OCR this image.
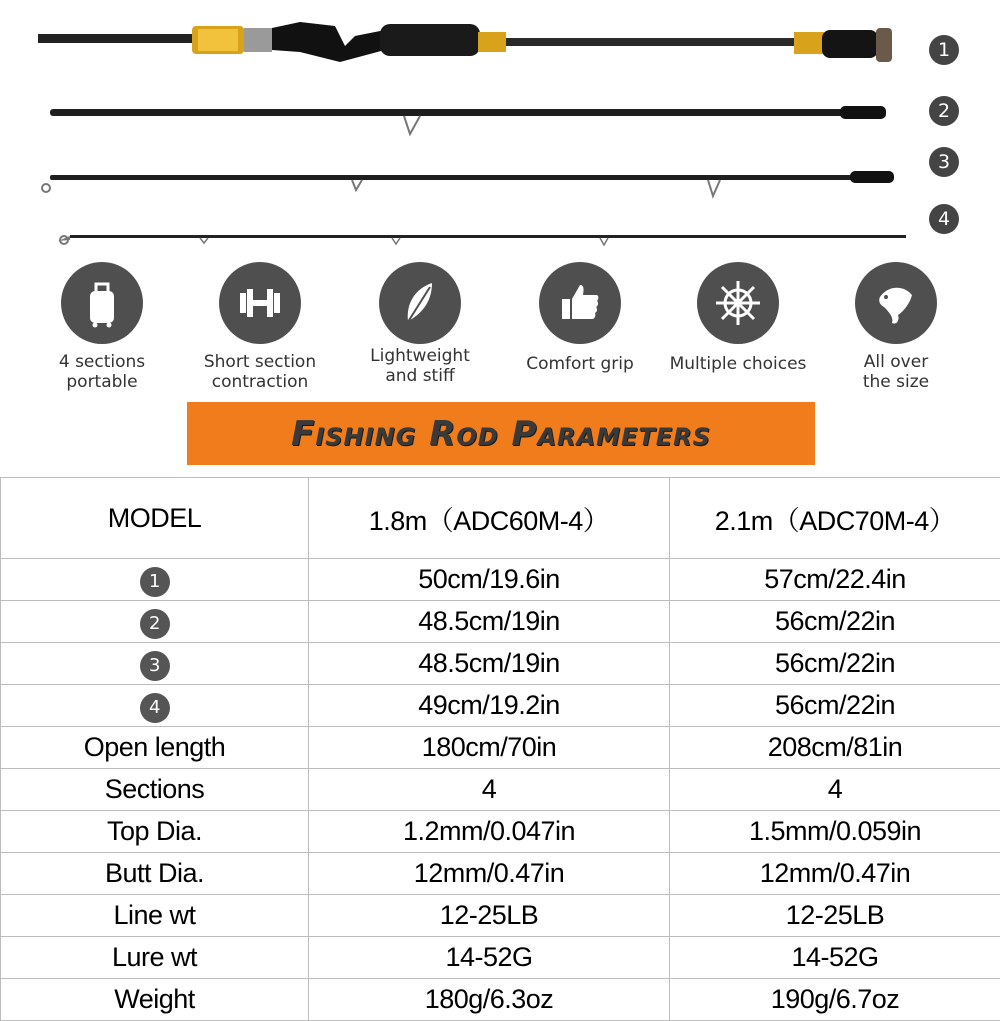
1
2
3
4
4 sections
portable
Short section
contraction
Lightweight
and stiff
Comfort grip	Multiple choices	All over
the size
Fishing Rod Parameters
MODEL	1.8m（ADC60M-4）	2.1m（ADC70M-4）
1	50cm/19.6in	57cm/22.4in
2	48.5cm/19in	56cm/22in
3	48.5cm/19in	56cm/22in
4	49cm/19.2in	56cm/22in
Open length	180cm/70in	208cm/81in
Sections	4	4
Top Dia.	1.2mm/0.047in	1.5mm/0.059in
Butt Dia.	12mm/0.47in	12mm/0.47in
Line wt	12-25LB	12-25LB
Lure wt	14-52G	14-52G
Weight	180g/6.3oz	190g/6.7oz
